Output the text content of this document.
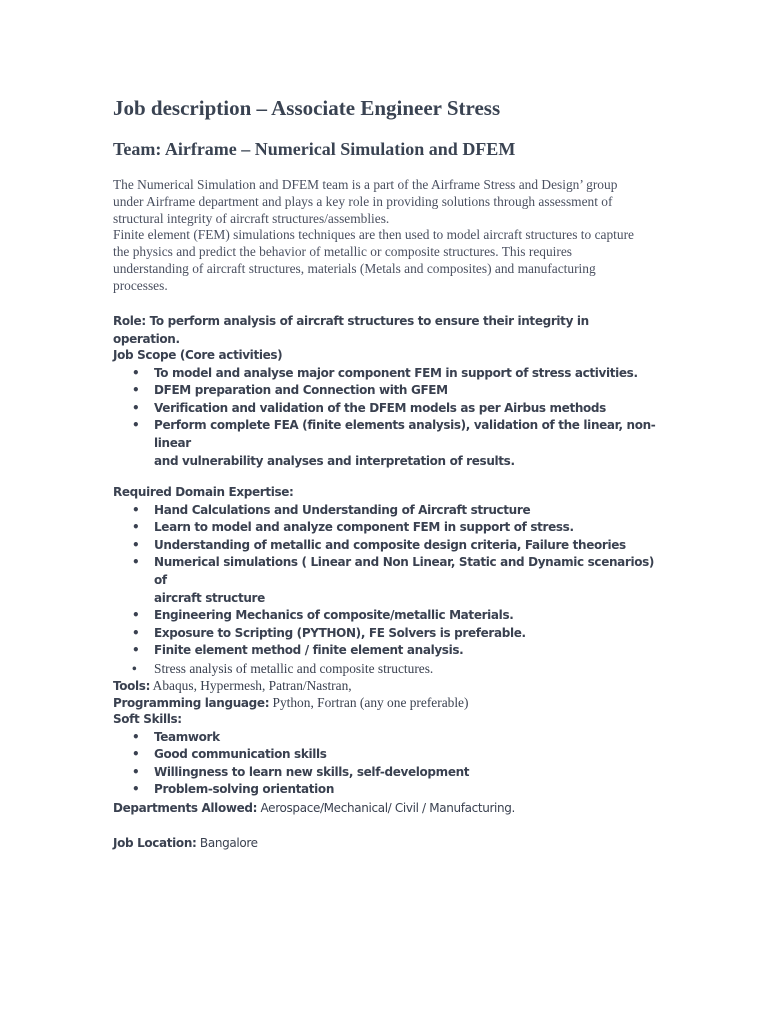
Job description – Associate Engineer Stress
Team: Airframe – Numerical Simulation and DFEM
The Numerical Simulation and DFEM team is a part of the Airframe Stress and Design’ group
under Airframe department and plays a key role in providing solutions through assessment of
structural integrity of aircraft structures/assemblies.
Finite element (FEM) simulations techniques are then used to model aircraft structures to capture
the physics and predict the behavior of metallic or composite structures. This requires
understanding of aircraft structures, materials (Metals and composites) and manufacturing
processes.
Role: To perform analysis of aircraft structures to ensure their integrity in operation.
Job Scope (Core activities)
• To model and analyse major component FEM in support of stress activities.
• DFEM preparation and Connection with GFEM
• Verification and validation of the DFEM models as per Airbus methods
• Perform complete FEA (finite elements analysis), validation of the linear, non-linear
and vulnerability analyses and interpretation of results.
Required Domain Expertise:
• Hand Calculations and Understanding of Aircraft structure
• Learn to model and analyze component FEM in support of stress.
• Understanding of metallic and composite design criteria, Failure theories
• Numerical simulations ( Linear and Non Linear, Static and Dynamic scenarios) of
aircraft structure
• Engineering Mechanics of composite/metallic Materials.
• Exposure to Scripting (PYTHON), FE Solvers is preferable.
• Finite element method / finite element analysis.
• Stress analysis of metallic and composite structures.
Tools: Abaqus, Hypermesh, Patran/Nastran,
Programming language: Python, Fortran (any one preferable)
Soft Skills:
• Teamwork
• Good communication skills
• Willingness to learn new skills, self-development
• Problem-solving orientation
Departments Allowed: Aerospace/Mechanical/ Civil / Manufacturing.
Job Location: Bangalore
